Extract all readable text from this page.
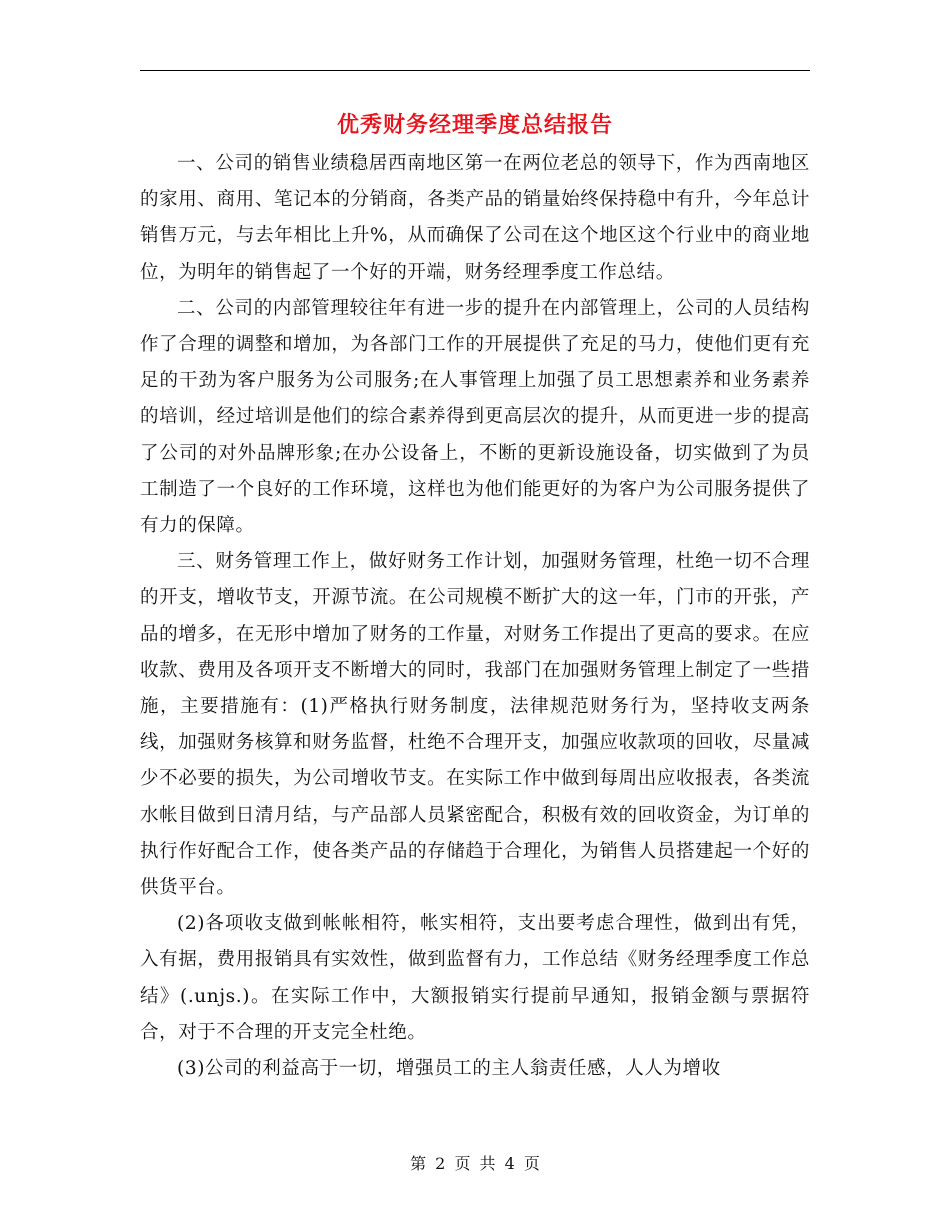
优秀财务经理季度总结报告

一、公司的销售业绩稳居西南地区第一在两位老总的领导下，作为西南地区的家用、商用、笔记本的分销商，各类产品的销量始终保持稳中有升，今年总计销售万元，与去年相比上升%，从而确保了公司在这个地区这个行业中的商业地位，为明年的销售起了一个好的开端，财务经理季度工作总结。

二、公司的内部管理较往年有进一步的提升在内部管理上，公司的人员结构作了合理的调整和增加，为各部门工作的开展提供了充足的马力，使他们更有充足的干劲为客户服务为公司服务;在人事管理上加强了员工思想素养和业务素养的培训，经过培训是他们的综合素养得到更高层次的提升，从而更进一步的提高了公司的对外品牌形象;在办公设备上，不断的更新设施设备，切实做到了为员工制造了一个良好的工作环境，这样也为他们能更好的为客户为公司服务提供了有力的保障。

三、财务管理工作上，做好财务工作计划，加强财务管理，杜绝一切不合理的开支，增收节支，开源节流。在公司规模不断扩大的这一年，门市的开张，产品的增多，在无形中增加了财务的工作量，对财务工作提出了更高的要求。在应收款、费用及各项开支不断增大的同时，我部门在加强财务管理上制定了一些措施，主要措施有：(1)严格执行财务制度，法律规范财务行为，坚持收支两条线，加强财务核算和财务监督，杜绝不合理开支，加强应收款项的回收，尽量减少不必要的损失，为公司增收节支。在实际工作中做到每周出应收报表，各类流水帐目做到日清月结，与产品部人员紧密配合，积极有效的回收资金，为订单的执行作好配合工作，使各类产品的存储趋于合理化，为销售人员搭建起一个好的供货平台。

(2)各项收支做到帐帐相符，帐实相符，支出要考虑合理性，做到出有凭，入有据，费用报销具有实效性，做到监督有力，工作总结《财务经理季度工作总结》(.unjs.)。在实际工作中，大额报销实行提前早通知，报销金额与票据符合，对于不合理的开支完全杜绝。

(3)公司的利益高于一切，增强员工的主人翁责任感，人人为增收

第 2 页 共 4 页
